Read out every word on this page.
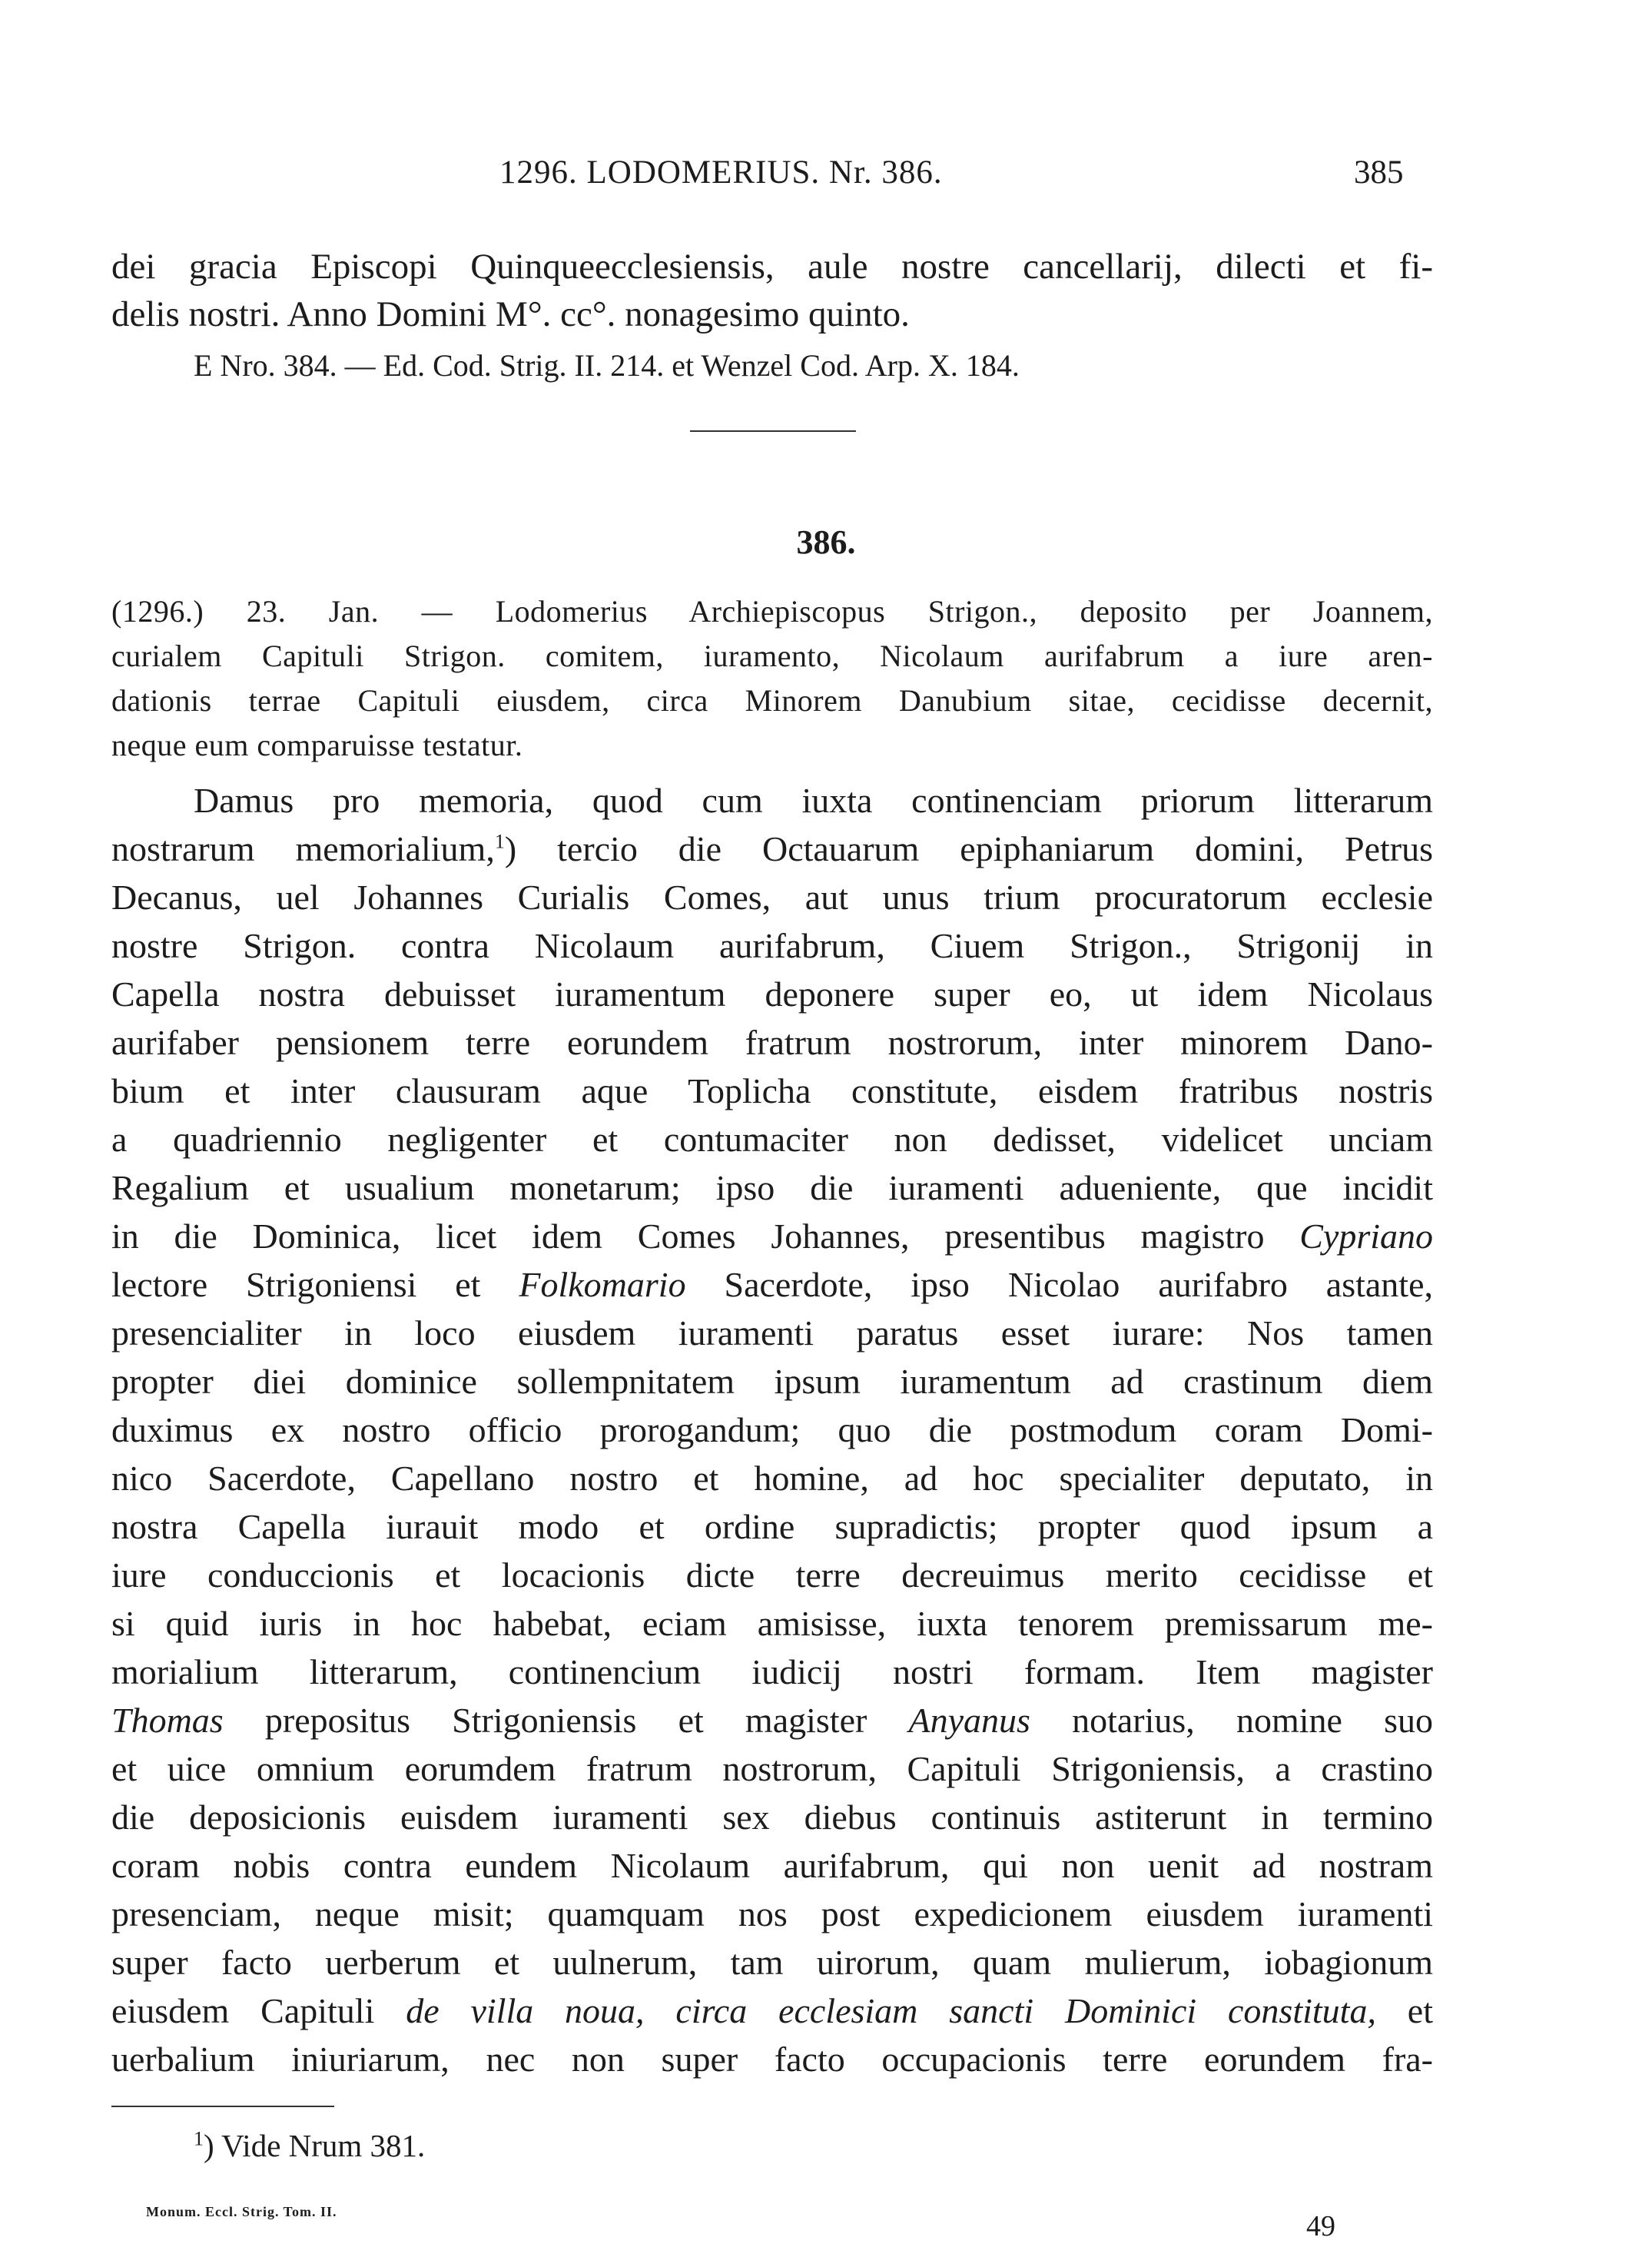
1296. LODOMERIUS. Nr. 386.	385
dei gracia Episcopi Quinqueecclesiensis, aule nostre cancellarij, dilecti et fi-
delis nostri. Anno Domini M°. cc°. nonagesimo quinto.
E Nro. 384. — Ed. Cod. Strig. II. 214. et Wenzel Cod. Arp. X. 184.
386.
(1296.) 23. Jan. — Lodomerius Archiepiscopus Strigon., deposito per Joannem,
curialem Capituli Strigon. comitem, iuramento, Nicolaum aurifabrum a iure aren-
dationis terrae Capituli eiusdem, circa Minorem Danubium sitae, cecidisse decernit,
neque eum comparuisse testatur.
Damus pro memoria, quod cum iuxta continenciam priorum litterarum
nostrarum memorialium,$^1$) tercio die Octauarum epiphaniarum domini, Petrus
Decanus, uel Johannes Curialis Comes, aut unus trium procuratorum ecclesie
nostre Strigon. contra Nicolaum aurifabrum, Ciuem Strigon., Strigonij in
Capella nostra debuisset iuramentum deponere super eo, ut idem Nicolaus
aurifaber pensionem terre eorundem fratrum nostrorum, inter minorem Dano-
bium et inter clausuram aque Toplicha constitute, eisdem fratribus nostris
a quadriennio negligenter et contumaciter non dedisset, videlicet unciam
Regalium et usualium monetarum; ipso die iuramenti adueniente, que incidit
in die Dominica, licet idem Comes Johannes, presentibus magistro Cypriano
lectore Strigoniensi et Folkomario Sacerdote, ipso Nicolao aurifabro astante,
presencialiter in loco eiusdem iuramenti paratus esset iurare: Nos tamen
propter diei dominice sollempnitatem ipsum iuramentum ad crastinum diem
duximus ex nostro officio prorogandum; quo die postmodum coram Domi-
nico Sacerdote, Capellano nostro et homine, ad hoc specialiter deputato, in
nostra Capella iurauit modo et ordine supradictis; propter quod ipsum a
iure conduccionis et locacionis dicte terre decreuimus merito cecidisse et
si quid iuris in hoc habebat, eciam amisisse, iuxta tenorem premissarum me-
morialium litterarum, continencium iudicij nostri formam. Item magister
Thomas prepositus Strigoniensis et magister Anyanus notarius, nomine suo
et uice omnium eorumdem fratrum nostrorum, Capituli Strigoniensis, a crastino
die deposicionis euisdem iuramenti sex diebus continuis astiterunt in termino
coram nobis contra eundem Nicolaum aurifabrum, qui non uenit ad nostram
presenciam, neque misit; quamquam nos post expedicionem eiusdem iuramenti
super facto uerberum et uulnerum, tam uirorum, quam mulierum, iobagionum
eiusdem Capituli de villa noua, circa ecclesiam sancti Dominici constituta, et
uerbalium iniuriarum, nec non super facto occupacionis terre eorundem fra-
$^1$) Vide Nrum 381.
Monum. Eccl. Strig. Tom. II.	49
